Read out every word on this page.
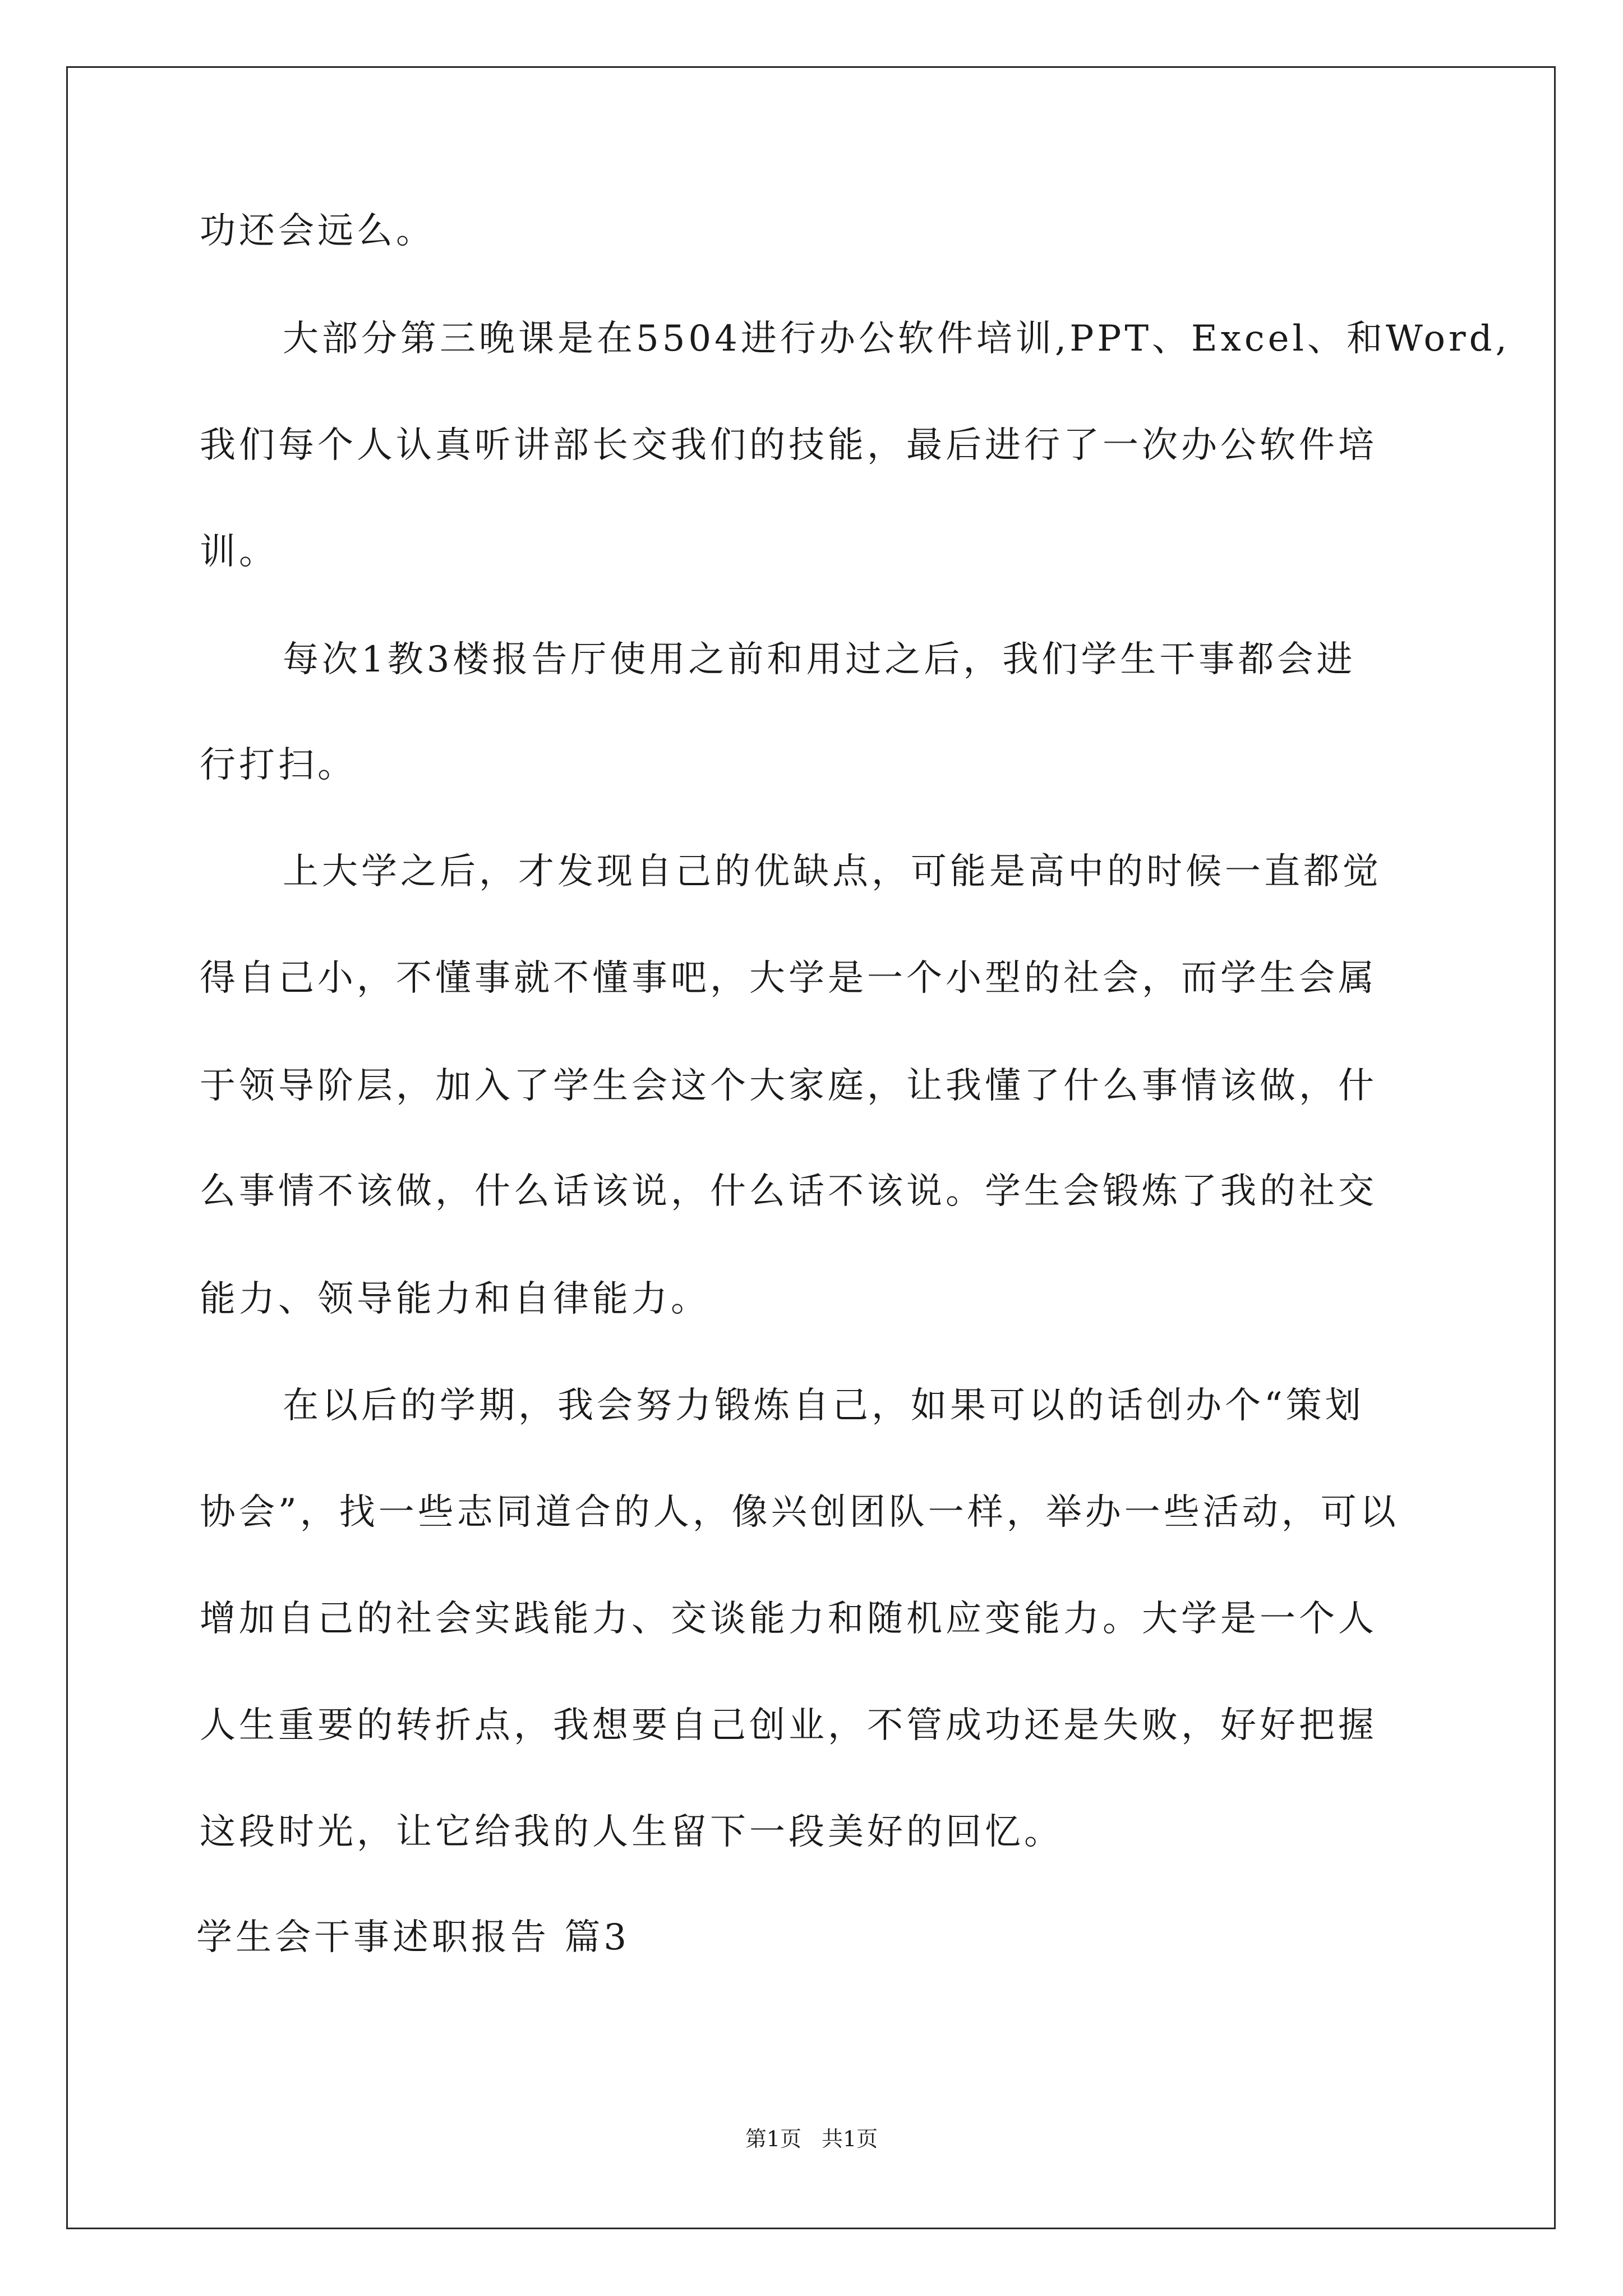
功还会远么。
大部分第三晚课是在5504进行办公软件培训,PPT、Excel、和Word,
我们每个人认真听讲部长交我们的技能，最后进行了一次办公软件培
训。
每次1教3楼报告厅使用之前和用过之后，我们学生干事都会进
行打扫。
上大学之后，才发现自己的优缺点，可能是高中的时候一直都觉
得自己小，不懂事就不懂事吧，大学是一个小型的社会，而学生会属
于领导阶层，加入了学生会这个大家庭，让我懂了什么事情该做，什
么事情不该做，什么话该说，什么话不该说。学生会锻炼了我的社交
能力、领导能力和自律能力。
在以后的学期，我会努力锻炼自己，如果可以的话创办个“策划
协会”，找一些志同道合的人，像兴创团队一样，举办一些活动，可以
增加自己的社会实践能力、交谈能力和随机应变能力。大学是一个人
人生重要的转折点，我想要自己创业，不管成功还是失败，好好把握
这段时光，让它给我的人生留下一段美好的回忆。
学生会干事述职报告 篇3
第1页 共1页
